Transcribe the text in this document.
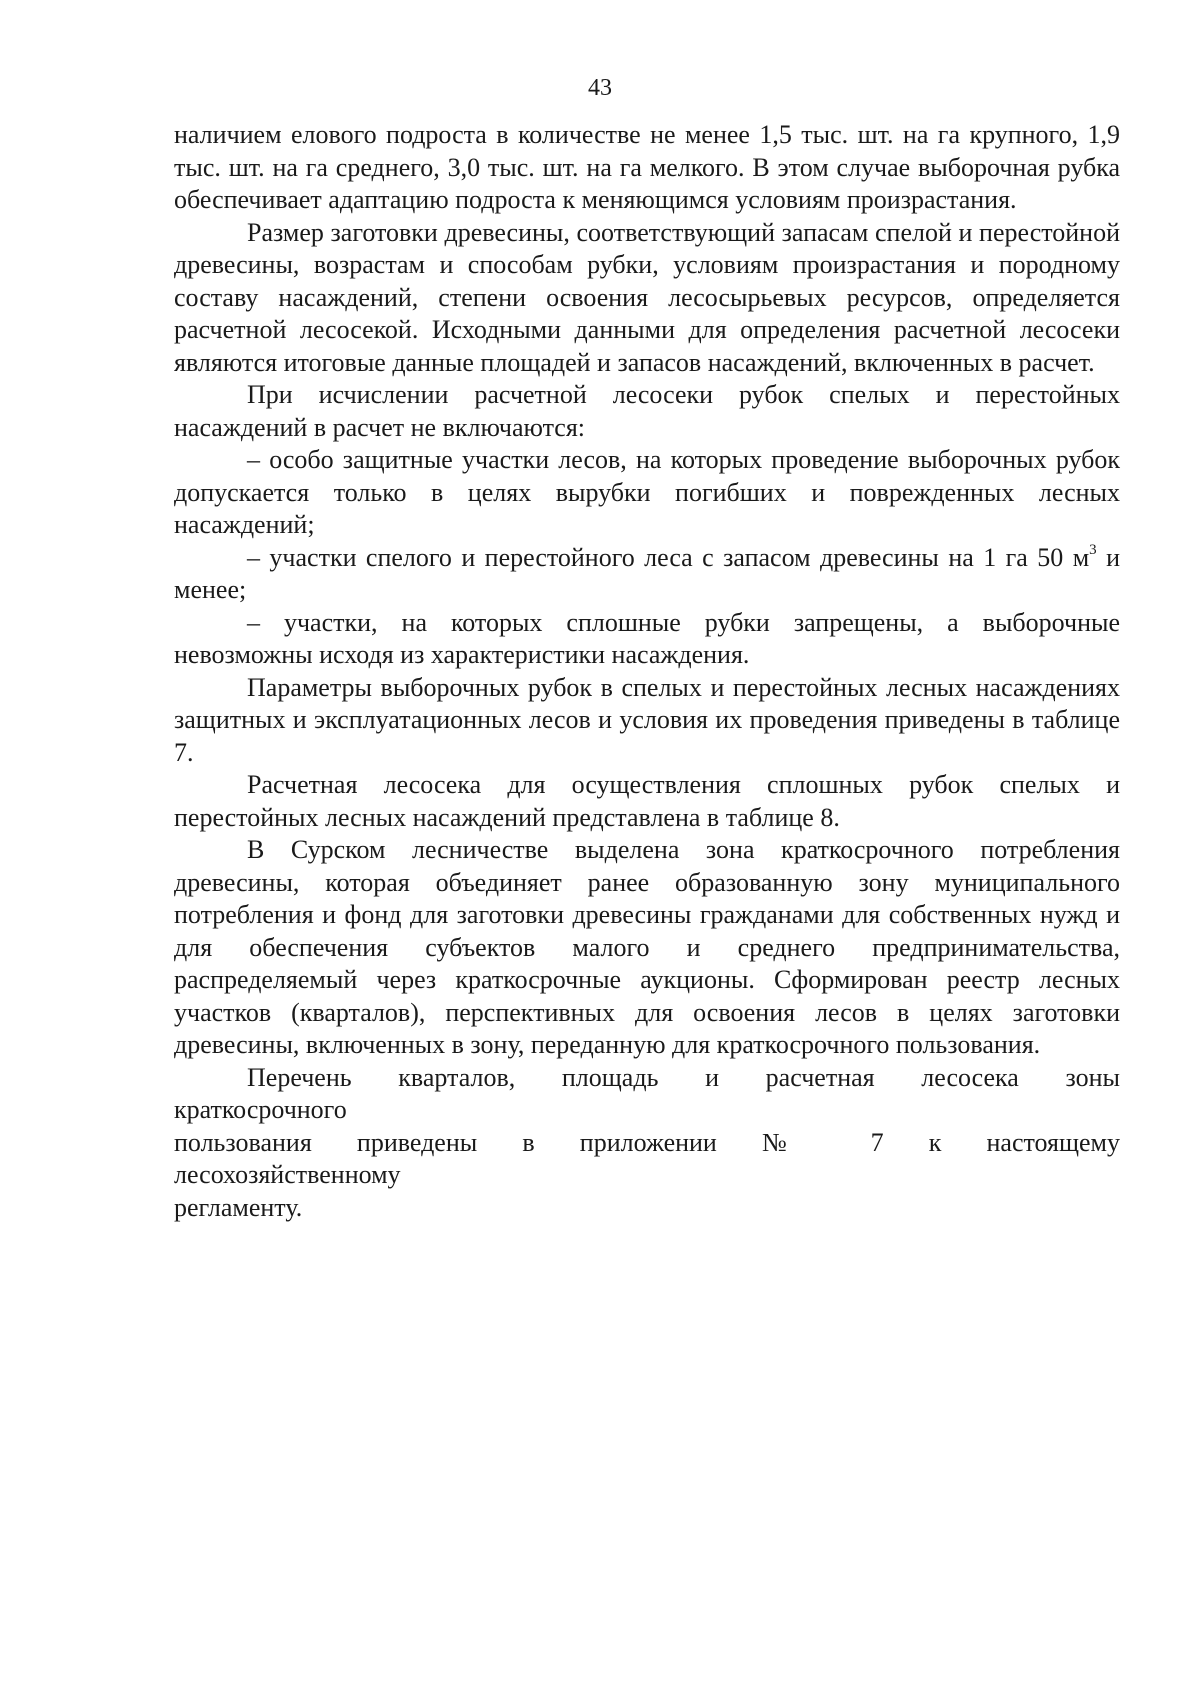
43

наличием елового подроста в количестве не менее 1,5 тыс. шт. на га крупного, 1,9 тыс. шт. на га среднего, 3,0 тыс. шт. на га мелкого. В этом случае выборочная рубка обеспечивает адаптацию подроста к меняющимся условиям произрастания.

Размер заготовки древесины, соответствующий запасам спелой и перестойной древесины, возрастам и способам рубки, условиям произрастания и породному составу насаждений, степени освоения лесосырьевых ресурсов, определяется расчетной лесосекой. Исходными данными для определения расчетной лесосеки являются итоговые данные площадей и запасов насаждений, включенных в расчет.

При исчислении расчетной лесосеки рубок спелых и перестойных насаждений в расчет не включаются:

– особо защитные участки лесов, на которых проведение выборочных рубок допускается только в целях вырубки погибших и поврежденных лесных насаждений;

– участки спелого и перестойного леса с запасом древесины на 1 га 50 $м^3$ и менее;

– участки, на которых сплошные рубки запрещены, а выборочные невозможны исходя из характеристики насаждения.

Параметры выборочных рубок в спелых и перестойных лесных насаждениях защитных и эксплуатационных лесов и условия их проведения приведены в таблице 7.

Расчетная лесосека для осуществления сплошных рубок спелых и перестойных лесных насаждений представлена в таблице 8.

В Сурском лесничестве выделена зона краткосрочного потребления древесины, которая объединяет ранее образованную зону муниципального потребления и фонд для заготовки древесины гражданами для собственных нужд и для обеспечения субъектов малого и среднего предпринимательства, распределяемый через краткосрочные аукционы. Сформирован реестр лесных участков (кварталов), перспективных для освоения лесов в целях заготовки древесины, включенных в зону, переданную для краткосрочного пользования.

Перечень кварталов, площадь и расчетная лесосека зоны
краткосрочного
пользования приведены в приложении № 7 к настоящему
лесохозяйственному
регламенту.
